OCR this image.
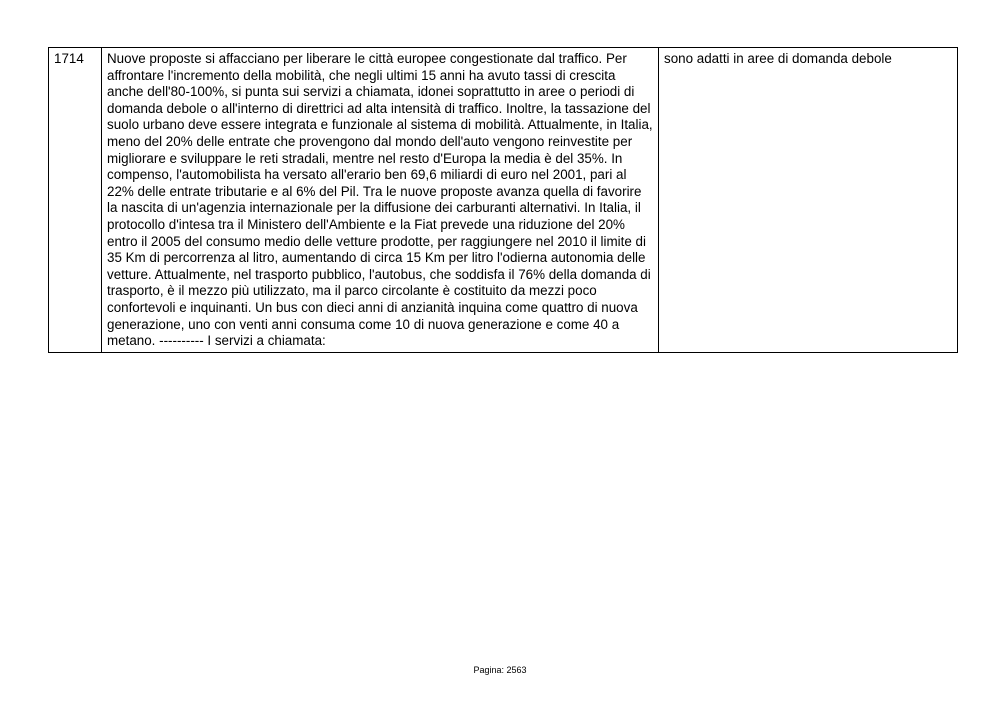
1714	Nuove proposte si affacciano per liberare le città europee congestionate dal traffico. Per affrontare l'incremento della mobilità, che negli ultimi 15 anni ha avuto tassi di crescita anche dell'80-100%, si punta sui servizi a chiamata, idonei soprattutto in aree o periodi di domanda debole o all'interno di direttrici ad alta intensità di traffico. Inoltre, la tassazione del suolo urbano deve essere integrata e funzionale al sistema di mobilità. Attualmente, in Italia, meno del 20% delle entrate che provengono dal mondo dell'auto vengono reinvestite per migliorare e sviluppare le reti stradali, mentre nel resto d'Europa la media è del 35%. In compenso, l'automobilista ha versato all'erario ben 69,6 miliardi di euro nel 2001, pari al 22% delle entrate tributarie e al 6% del Pil. Tra le nuove proposte avanza quella di favorire la nascita di un'agenzia internazionale per la diffusione dei carburanti alternativi. In Italia, il protocollo d'intesa tra il Ministero dell'Ambiente e la Fiat prevede una riduzione del 20% entro il 2005 del consumo medio delle vetture prodotte, per raggiungere nel 2010 il limite di 35 Km di percorrenza al litro, aumentando di circa 15 Km per litro l'odierna autonomia delle vetture. Attualmente, nel trasporto pubblico, l'autobus, che soddisfa il 76% della domanda di trasporto, è il mezzo più utilizzato, ma il parco circolante è costituito da mezzi poco confortevoli e inquinanti. Un bus con dieci anni di anzianità inquina come quattro di nuova generazione, uno con venti anni consuma come 10 di nuova generazione e come 40 a metano. ---------- I servizi a chiamata:	sono adatti in aree di domanda debole
Pagina: 2563
